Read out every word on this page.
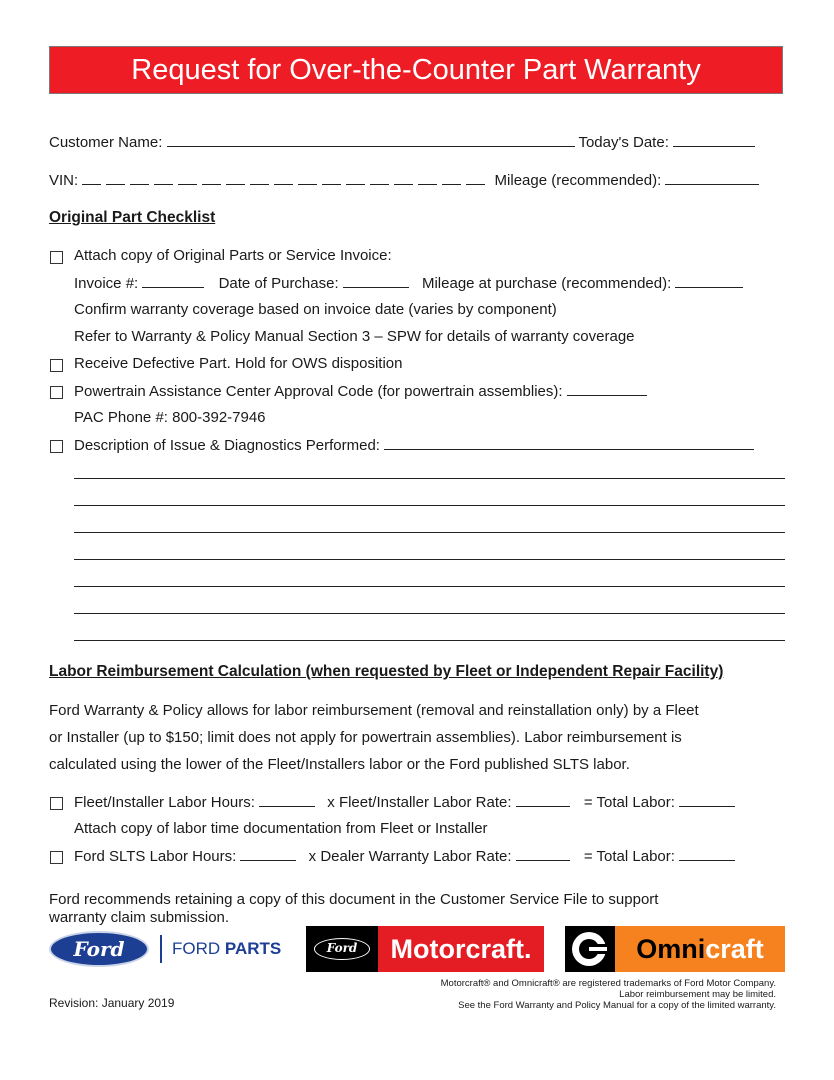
Request for Over-the-Counter Part Warranty
Customer Name:	Today's Date:
VIN:	Mileage (recommended):
Original Part Checklist
Attach copy of Original Parts or Service Invoice:
Invoice #:	Date of Purchase:	Mileage at purchase (recommended):
Confirm warranty coverage based on invoice date (varies by component)
Refer to Warranty & Policy Manual Section 3 – SPW for details of warranty coverage
Receive Defective Part. Hold for OWS disposition
Powertrain Assistance Center Approval Code (for powertrain assemblies):
PAC Phone #: 800-392-7946
Description of Issue & Diagnostics Performed:
Labor Reimbursement Calculation (when requested by Fleet or Independent Repair Facility)
Ford Warranty & Policy allows for labor reimbursement (removal and reinstallation only) by a Fleet
or Installer (up to $150; limit does not apply for powertrain assemblies). Labor reimbursement is
calculated using the lower of the Fleet/Installers labor or the Ford published SLTS labor.
Fleet/Installer Labor Hours:	x Fleet/Installer Labor Rate:	= Total Labor:
Attach copy of labor time documentation from Fleet or Installer
Ford SLTS Labor Hours:	x Dealer Warranty Labor Rate:	= Total Labor:
Ford recommends retaining a copy of this document in the Customer Service File to support
warranty claim submission.
Ford	FORD PARTS	Ford	Motorcraft.	Omnicraft
Revision: January 2019
Motorcraft® and Omnicraft® are registered trademarks of Ford Motor Company.
Labor reimbursement may be limited.
See the Ford Warranty and Policy Manual for a copy of the limited warranty.
